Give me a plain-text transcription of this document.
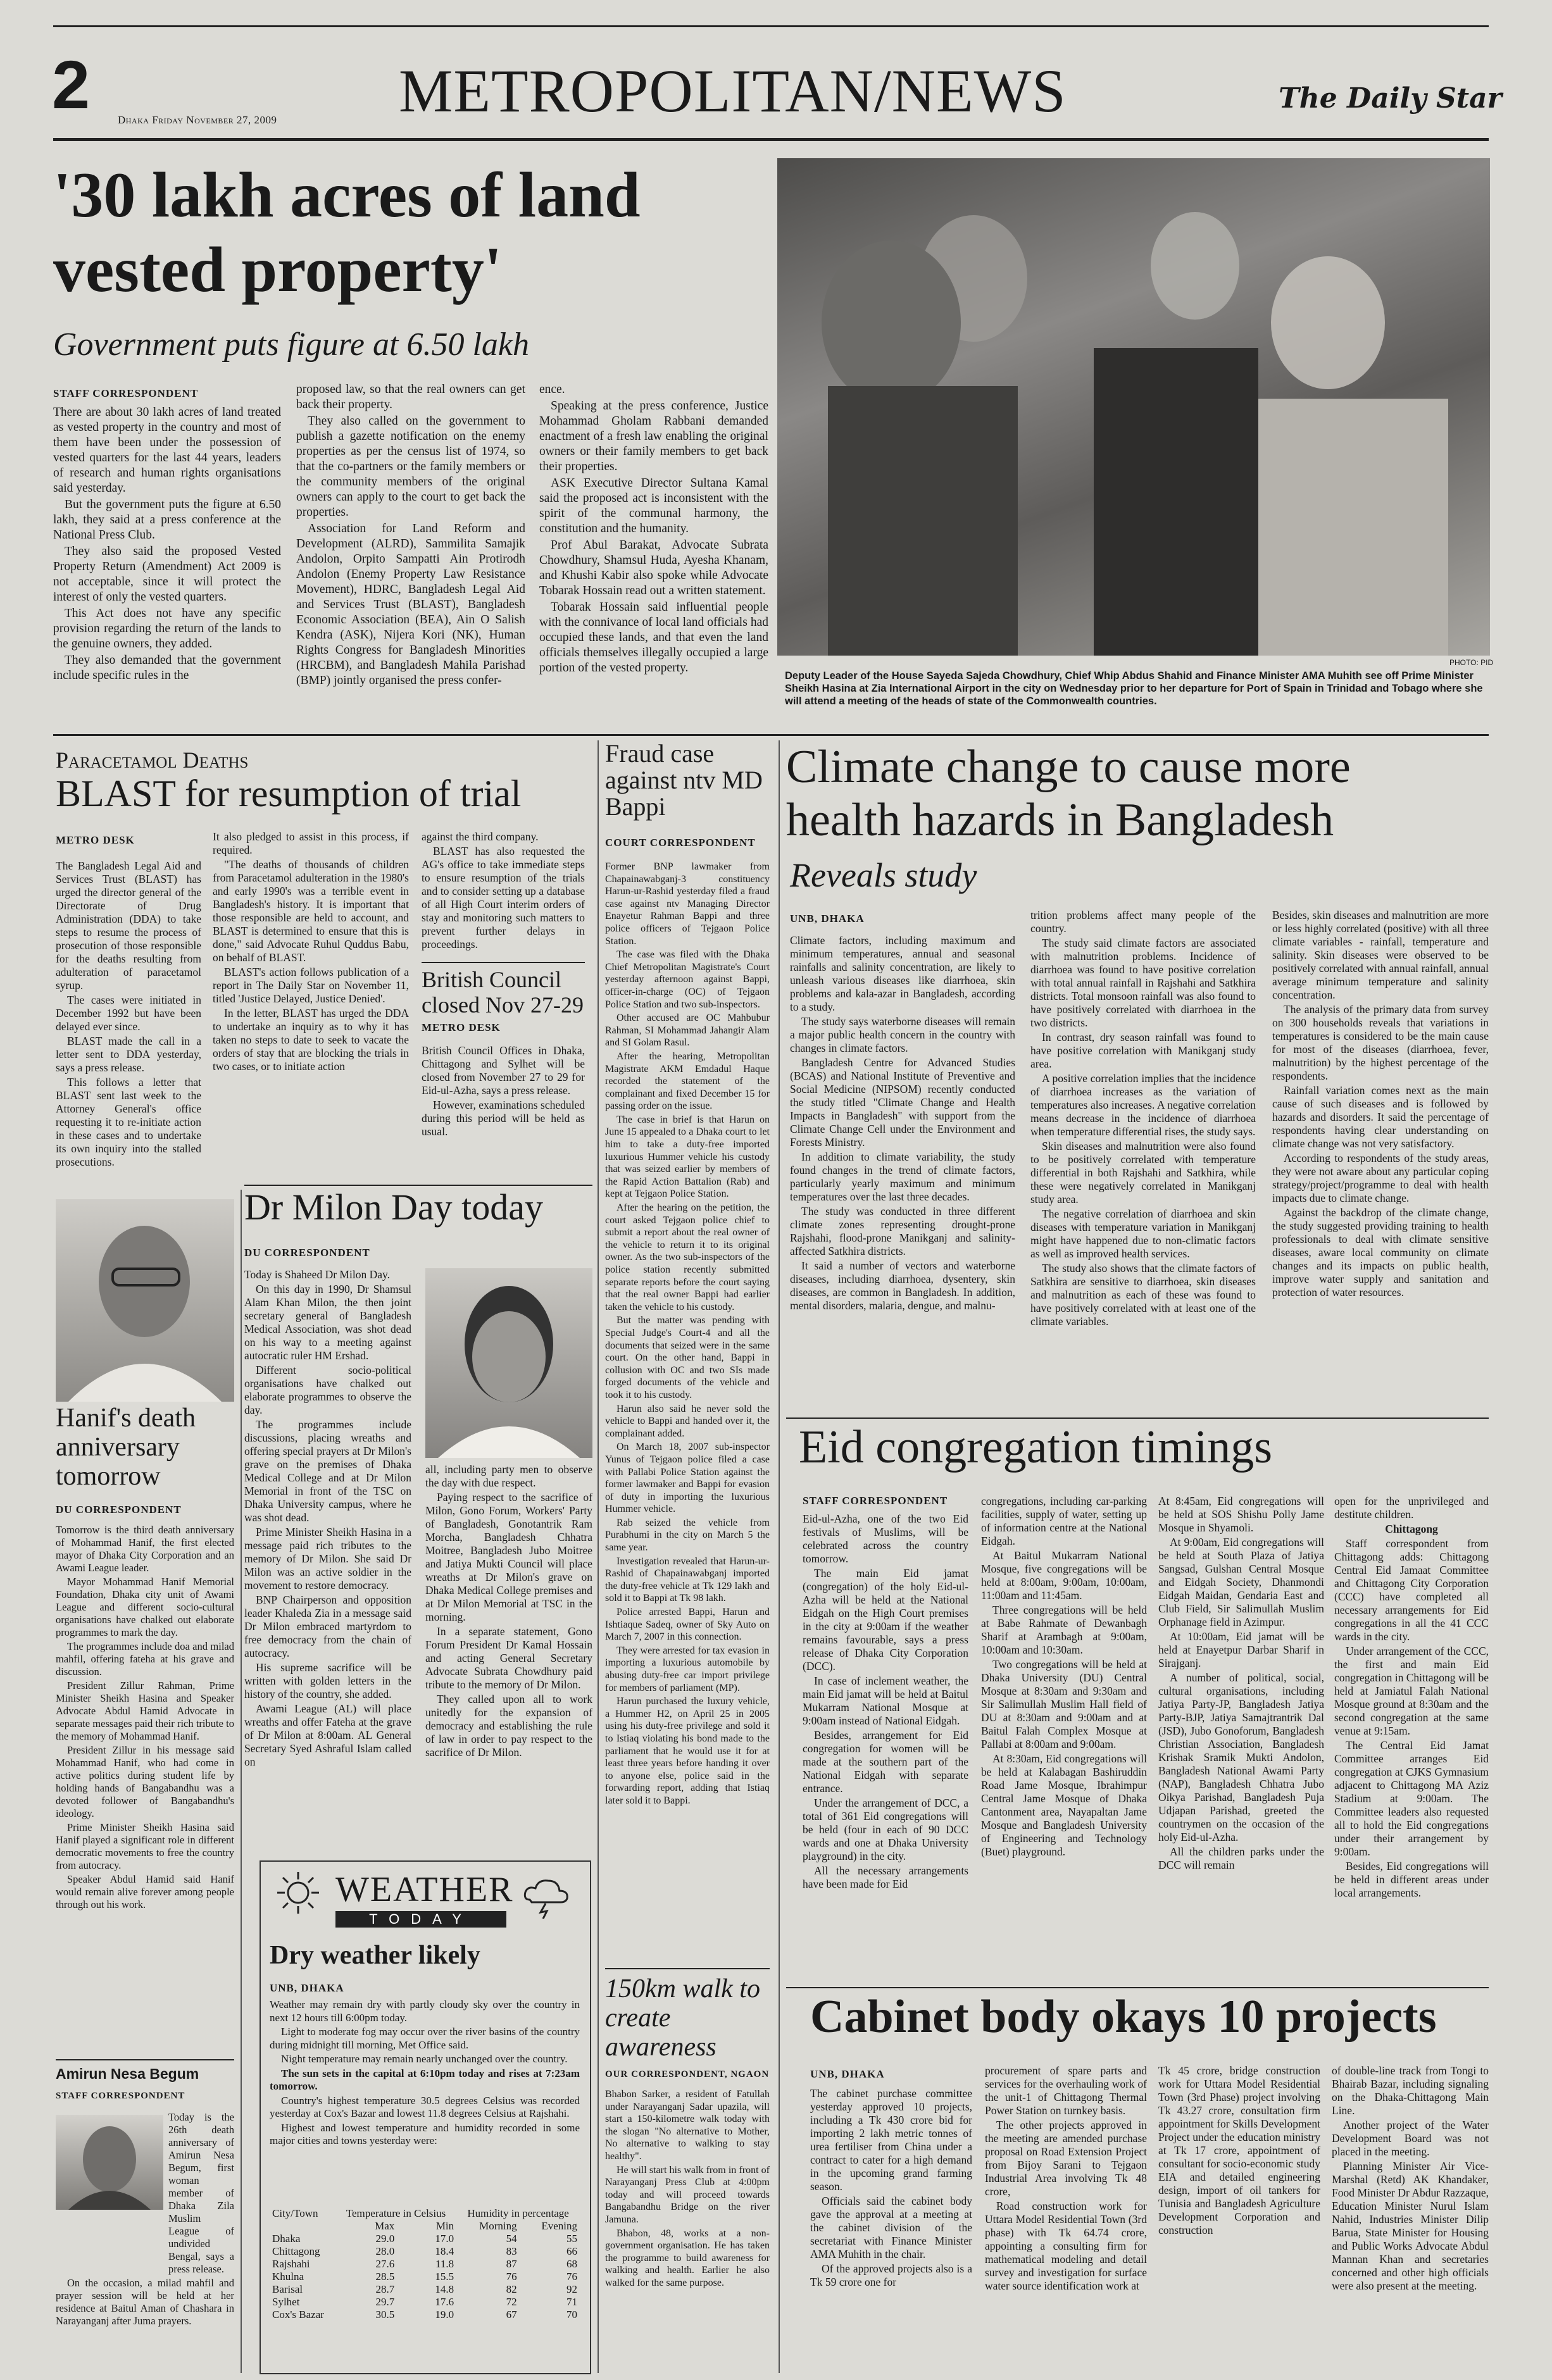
2	Dhaka Friday November 27, 2009 METROPOLITAN/NEWS	The Daily Star
'30 lakh acres of land
vested property'
Government puts figure at 6.50 lakh
STAFF CORRESPONDENT

There are about 30 lakh acres of land treated as vested property in the country and most of them have been under the possession of vested quarters for the last 44 years, leaders of research and human rights organisations said yesterday.

But the government puts the figure at 6.50 lakh, they said at a press conference at the National Press Club.

They also said the proposed Vested Property Return (Amendment) Act 2009 is not acceptable, since it will protect the interest of only the vested quarters.

This Act does not have any specific provision regarding the return of the lands to the genuine owners, they added.

They also demanded that the government include specific rules in the

proposed law, so that the real owners can get back their property.

They also called on the government to publish a gazette notification on the enemy properties as per the census list of 1974, so that the co-partners or the family members or the community members of the original owners can apply to the court to get back the properties.

Association for Land Reform and Development (ALRD), Sammilita Samajik Andolon, Orpito Sampatti Ain Protirodh Andolon (Enemy Property Law Resistance Movement), HDRC, Bangladesh Legal Aid and Services Trust (BLAST), Bangladesh Economic Association (BEA), Ain O Salish Kendra (ASK), Nijera Kori (NK), Human Rights Congress for Bangladesh Minorities (HRCBM), and Bangladesh Mahila Parishad (BMP) jointly organised the press confer-

ence.

Speaking at the press conference, Justice Mohammad Gholam Rabbani demanded enactment of a fresh law enabling the original owners or their family members to get back their properties.

ASK Executive Director Sultana Kamal said the proposed act is inconsistent with the spirit of the communal harmony, the constitution and the humanity.

Prof Abul Barakat, Advocate Subrata Chowdhury, Shamsul Huda, Ayesha Khanam, and Khushi Kabir also spoke while Advocate Tobarak Hossain read out a written statement.

Tobarak Hossain said influential people with the connivance of local land officials had occupied these lands, and that even the land officials themselves illegally occupied a large portion of the vested property.	PHOTO: PID
Deputy Leader of the House Sayeda Sajeda Chowdhury, Chief Whip Abdus Shahid and Finance Minister AMA Muhith see off Prime Minister Sheikh Hasina at Zia International Airport in the city on Wednesday prior to her departure for Port of Spain in Trinidad and Tobago where she will attend a meeting of the heads of state of the Commonwealth countries.
Paracetamol Deaths
BLAST for resumption of trial
METRO DESK

The Bangladesh Legal Aid and Services Trust (BLAST) has urged the director general of the Directorate of Drug Administration (DDA) to take steps to resume the process of prosecution of those responsible for the deaths resulting from adulteration of paracetamol syrup.

The cases were initiated in December 1992 but have been delayed ever since.

BLAST made the call in a letter sent to DDA yesterday, says a press release.

This follows a letter that BLAST sent last week to the Attorney General's office requesting it to re-initiate action in these cases and to undertake its own inquiry into the stalled prosecutions.

It also pledged to assist in this process, if required.

"The deaths of thousands of children from Paracetamol adulteration in the 1980's and early 1990's was a terrible event in Bangladesh's history. It is important that those responsible are held to account, and BLAST is determined to ensure that this is done," said Advocate Ruhul Quddus Babu, on behalf of BLAST.

BLAST's action follows publication of a report in The Daily Star on November 11, titled 'Justice Delayed, Justice Denied'.

In the letter, BLAST has urged the DDA to undertake an inquiry as to why it has taken no steps to date to seek to vacate the orders of stay that are blocking the trials in two cases, or to initiate action

against the third company.

BLAST has also requested the AG's office to take immediate steps to ensure resumption of the trials and to consider setting up a database of all High Court interim orders of stay and monitoring such matters to prevent further delays in proceedings.

British Council closed Nov 27-29
METRO DESK

British Council Offices in Dhaka, Chittagong and Sylhet will be closed from November 27 to 29 for Eid-ul-Azha, says a press release.

However, examinations scheduled during this period will be held as usual.

Fraud case against ntv MD Bappi
COURT CORRESPONDENT

Former BNP lawmaker from Chapainawabganj-3 constituency Harun-ur-Rashid yesterday filed a fraud case against ntv Managing Director Enayetur Rahman Bappi and three police officers of Tejgaon Police Station.

The case was filed with the Dhaka Chief Metropolitan Magistrate's Court yesterday afternoon against Bappi, officer-in-charge (OC) of Tejgaon Police Station and two sub-inspectors.

Other accused are OC Mahbubur Rahman, SI Mohammad Jahangir Alam and SI Golam Rasul.

After the hearing, Metropolitan Magistrate AKM Emdadul Haque recorded the statement of the complainant and fixed December 15 for passing order on the issue.

The case in brief is that Harun on June 15 appealed to a Dhaka court to let him to take a duty-free imported luxurious Hummer vehicle his custody that was seized earlier by members of the Rapid Action Battalion (Rab) and kept at Tejgaon Police Station.

After the hearing on the petition, the court asked Tejgaon police chief to submit a report about the real owner of the vehicle to return it to its original owner. As the two sub-inspectors of the police station recently submitted separate reports before the court saying that the real owner Bappi had earlier taken the vehicle to his custody.

But the matter was pending with Special Judge's Court-4 and all the documents that seized were in the same court. On the other hand, Bappi in collusion with OC and two SIs made forged documents of the vehicle and took it to his custody.

Harun also said he never sold the vehicle to Bappi and handed over it, the complainant added.

On March 18, 2007 sub-inspector Yunus of Tejgaon police filed a case with Pallabi Police Station against the former lawmaker and Bappi for evasion of duty in importing the luxurious Hummer vehicle.

Rab seized the vehicle from Purabhumi in the city on March 5 the same year.

Investigation revealed that Harun-ur-Rashid of Chapainawabganj imported the duty-free vehicle at Tk 129 lakh and sold it to Bappi at Tk 98 lakh.

Police arrested Bappi, Harun and Ishtiaque Sadeq, owner of Sky Auto on March 7, 2007 in this connection.

They were arrested for tax evasion in importing a luxurious automobile by abusing duty-free car import privilege for members of parliament (MP).

Harun purchased the luxury vehicle, a Hummer H2, on April 25 in 2005 using his duty-free privilege and sold it to Istiaq violating his bond made to the parliament that he would use it for at least three years before handing it over to anyone else, police said in the forwarding report, adding that Istiaq later sold it to Bappi.

150km walk to create awareness
OUR CORRESPONDENT, NGAON

Bhabon Sarker, a resident of Fatullah under Narayanganj Sadar upazila, will start a 150-kilometre walk today with the slogan "No alternative to Mother, No alternative to walking to stay healthy".

He will start his walk from in front of Narayanganj Press Club at 4:00pm today and will proceed towards Bangabandhu Bridge on the river Jamuna.

Bhabon, 48, works at a non-government organisation. He has taken the programme to build awareness for walking and health. Earlier he also walked for the same purpose.

Hanif's death anniversary tomorrow
DU CORRESPONDENT

Tomorrow is the third death anniversary of Mohammad Hanif, the first elected mayor of Dhaka City Corporation and an Awami League leader.

Mayor Mohammad Hanif Memorial Foundation, Dhaka city unit of Awami League and different socio-cultural organisations have chalked out elaborate programmes to mark the day.

The programmes include doa and milad mahfil, offering fateha at his grave and discussion.

President Zillur Rahman, Prime Minister Sheikh Hasina and Speaker Advocate Abdul Hamid Advocate in separate messages paid their rich tribute to the memory of Mohammad Hanif.

President Zillur in his message said Mohammad Hanif, who had come in active politics during student life by holding hands of Bangabandhu was a devoted follower of Bangabandhu's ideology.

Prime Minister Sheikh Hasina said Hanif played a significant role in different democratic movements to free the country from autocracy.

Speaker Abdul Hamid said Hanif would remain alive forever among people through out his work.

Amirun Nesa Begum
STAFF CORRESPONDENT

Today is the 26th death anniversary of Amirun Nesa Begum, first woman member of Dhaka Zila Muslim League of undivided Bengal, says a press release.

On the occasion, a milad mahfil and prayer session will be held at her residence at Baitul Aman of Chashara in Narayanganj after Juma prayers.

Dr Milon Day today
DU CORRESPONDENT

Today is Shaheed Dr Milon Day.

On this day in 1990, Dr Shamsul Alam Khan Milon, the then joint secretary general of Bangladesh Medical Association, was shot dead on his way to a meeting against autocratic ruler HM Ershad.

Different socio-political organisations have chalked out elaborate programmes to observe the day.

The programmes include discussions, placing wreaths and offering special prayers at Dr Milon's grave on the premises of Dhaka Medical College and at Dr Milon Memorial in front of the TSC on Dhaka University campus, where he was shot dead.

Prime Minister Sheikh Hasina in a message paid rich tributes to the memory of Dr Milon. She said Dr Milon was an active soldier in the movement to restore democracy.

BNP Chairperson and opposition leader Khaleda Zia in a message said Dr Milon embraced martyrdom to free democracy from the chain of autocracy.

His supreme sacrifice will be written with golden letters in the history of the country, she added.

Awami League (AL) will place wreaths and offer Fateha at the grave of Dr Milon at 8:00am. AL General Secretary Syed Ashraful Islam called on

all, including party men to observe the day with due respect.

Paying respect to the sacrifice of Milon, Gono Forum, Workers' Party of Bangladesh, Gonotantrik Ram Morcha, Bangladesh Chhatra Moitree, Bangladesh Jubo Moitree and Jatiya Mukti Council will place wreaths at Dr Milon's grave on Dhaka Medical College premises and at Dr Milon Memorial at TSC in the morning.

In a separate statement, Gono Forum President Dr Kamal Hossain and acting General Secretary Advocate Subrata Chowdhury paid tribute to the memory of Dr Milon.

They called upon all to work unitedly for the expansion of democracy and establishing the rule of law in order to pay respect to the sacrifice of Dr Milon.

WEATHER
TODAY
Dry weather likely
UNB, DHAKA

Weather may remain dry with partly cloudy sky over the country in next 12 hours till 6:00pm today.

Light to moderate fog may occur over the river basins of the country during midnight till morning, Met Office said.

Night temperature may remain nearly unchanged over the country.

The sun sets in the capital at 6:10pm today and rises at 7:23am tomorrow.

Country's highest temperature 30.5 degrees Celsius was recorded yesterday at Cox's Bazar and lowest 11.8 degrees Celsius at Rajshahi.

Highest and lowest temperature and humidity recorded in some major cities and towns yesterday were:

City/Town	Temperature in Celsius		Humidity in percentage	
	Max	Min	Morning	Evening
Dhaka	29.0	17.0	54	55
Chittagong	28.0	18.4	83	66
Rajshahi	27.6	11.8	87	68
Khulna	28.5	15.5	76	76
Barisal	28.7	14.8	82	92
Sylhet	29.7	17.6	72	71
Cox's Bazar	30.5	19.0	67	70
Climate change to cause more
health hazards in Bangladesh
Reveals study
UNB, DHAKA

Climate factors, including maximum and minimum temperatures, annual and seasonal rainfalls and salinity concentration, are likely to unleash various diseases like diarrhoea, skin problems and kala-azar in Bangladesh, according to a study.

The study says waterborne diseases will remain a major public health concern in the country with changes in climate factors.

Bangladesh Centre for Advanced Studies (BCAS) and National Institute of Preventive and Social Medicine (NIPSOM) recently conducted the study titled "Climate Change and Health Impacts in Bangladesh" with support from the Climate Change Cell under the Environment and Forests Ministry.

In addition to climate variability, the study found changes in the trend of climate factors, particularly yearly maximum and minimum temperatures over the last three decades.

The study was conducted in three different climate zones representing drought-prone Rajshahi, flood-prone Manikganj and salinity-affected Satkhira districts.

It said a number of vectors and waterborne diseases, including diarrhoea, dysentery, skin diseases, are common in Bangladesh. In addition, mental disorders, malaria, dengue, and malnu-

trition problems affect many people of the country.

The study said climate factors are associated with malnutrition problems. Incidence of diarrhoea was found to have positive correlation with total annual rainfall in Rajshahi and Satkhira districts. Total monsoon rainfall was also found to have positively correlated with diarrhoea in the two districts.

In contrast, dry season rainfall was found to have positive correlation with Manikganj study area.

A positive correlation implies that the incidence of diarrhoea increases as the variation of temperatures also increases. A negative correlation means decrease in the incidence of diarrhoea when temperature differential rises, the study says.

Skin diseases and malnutrition were also found to be positively correlated with temperature differential in both Rajshahi and Satkhira, while these were negatively correlated in Manikganj study area.

The negative correlation of diarrhoea and skin diseases with temperature variation in Manikganj might have happened due to non-climatic factors as well as improved health services.

The study also shows that the climate factors of Satkhira are sensitive to diarrhoea, skin diseases and malnutrition as each of these was found to have positively correlated with at least one of the climate variables.

Besides, skin diseases and malnutrition are more or less highly correlated (positive) with all three climate variables - rainfall, temperature and salinity. Skin diseases were observed to be positively correlated with annual rainfall, annual average minimum temperature and salinity concentration.

The analysis of the primary data from survey on 300 households reveals that variations in temperatures is considered to be the main cause for most of the diseases (diarrhoea, fever, malnutrition) by the highest percentage of the respondents.

Rainfall variation comes next as the main cause of such diseases and is followed by hazards and disorders. It said the percentage of respondents having clear understanding on climate change was not very satisfactory.

According to respondents of the study areas, they were not aware about any particular coping strategy/project/programme to deal with health impacts due to climate change.

Against the backdrop of the climate change, the study suggested providing training to health professionals to deal with climate sensitive diseases, aware local community on climate changes and its impacts on public health, improve water supply and sanitation and protection of water resources.

Eid congregation timings
STAFF CORRESPONDENT

Eid-ul-Azha, one of the two Eid festivals of Muslims, will be celebrated across the country tomorrow.

The main Eid jamat (congregation) of the holy Eid-ul-Azha will be held at the National Eidgah on the High Court premises in the city at 9:00am if the weather remains favourable, says a press release of Dhaka City Corporation (DCC).

In case of inclement weather, the main Eid jamat will be held at Baitul Mukarram National Mosque at 9:00am instead of National Eidgah.

Besides, arrangement for Eid congregation for women will be made at the southern part of the National Eidgah with separate entrance.

Under the arrangement of DCC, a total of 361 Eid congregations will be held (four in each of 90 DCC wards and one at Dhaka University playground) in the city.

All the necessary arrangements have been made for Eid

congregations, including car-parking facilities, supply of water, setting up of information centre at the National Eidgah.

At Baitul Mukarram National Mosque, five congregations will be held at 8:00am, 9:00am, 10:00am, 11:00am and 11:45am.

Three congregations will be held at Babe Rahmate of Dewanbagh Sharif at Arambagh at 9:00am, 10:00am and 10:30am.

Two congregations will be held at Dhaka University (DU) Central Mosque at 8:30am and 9:30am and Sir Salimullah Muslim Hall field of DU at 8:30am and 9:00am and at Baitul Falah Complex Mosque at Pallabi at 8:00am and 9:00am.

At 8:30am, Eid congregations will be held at Kalabagan Bashiruddin Road Jame Mosque, Ibrahimpur Central Jame Mosque of Dhaka Cantonment area, Nayapaltan Jame Mosque and Bangladesh University of Engineering and Technology (Buet) playground.

At 8:45am, Eid congregations will be held at SOS Shishu Polly Jame Mosque in Shyamoli.

At 9:00am, Eid congregations will be held at South Plaza of Jatiya Sangsad, Gulshan Central Mosque and Eidgah Society, Dhanmondi Eidgah Maidan, Gendaria East and Club Field, Sir Salimullah Muslim Orphanage field in Azimpur.

At 10:00am, Eid jamat will be held at Enayetpur Darbar Sharif in Sirajganj.

A number of political, social, cultural organisations, including Jatiya Party-JP, Bangladesh Jatiya Party-BJP, Jatiya Samajtrantrik Dal (JSD), Jubo Gonoforum, Bangladesh Christian Association, Bangladesh Krishak Sramik Mukti Andolon, Bangladesh National Awami Party (NAP), Bangladesh Chhatra Jubo Oikya Parishad, Bangladesh Puja Udjapan Parishad, greeted the countrymen on the occasion of the holy Eid-ul-Azha.

All the children parks under the DCC will remain

open for the unprivileged and destitute children.

Chittagong

Staff correspondent from Chittagong adds: Chittagong Central Eid Jamaat Committee and Chittagong City Corporation (CCC) have completed all necessary arrangements for Eid congregations in all the 41 CCC wards in the city.

Under arrangement of the CCC, the first and main Eid congregation in Chittagong will be held at Jamiatul Falah National Mosque ground at 8:30am and the second congregation at the same venue at 9:15am.

The Central Eid Jamat Committee arranges Eid congregation at CJKS Gymnasium adjacent to Chittagong MA Aziz Stadium at 9:00am. The Committee leaders also requested all to hold the Eid congregations under their arrangement by 9:00am.

Besides, Eid congregations will be held in different areas under local arrangements.

Cabinet body okays 10 projects
UNB, DHAKA

The cabinet purchase committee yesterday approved 10 projects, including a Tk 430 crore bid for importing 2 lakh metric tonnes of urea fertiliser from China under a contract to cater for a high demand in the upcoming grand farming season.

Officials said the cabinet body gave the approval at a meeting at the cabinet division of the secretariat with Finance Minister AMA Muhith in the chair.

Of the approved projects also is a Tk 59 crore one for

procurement of spare parts and services for the overhauling work of the unit-1 of Chittagong Thermal Power Station on turnkey basis.

The other projects approved in the meeting are amended purchase proposal on Road Extension Project from Bijoy Sarani to Tejgaon Industrial Area involving Tk 48 crore,

Road construction work for Uttara Model Residential Town (3rd phase) with Tk 64.74 crore, appointing a consulting firm for mathematical modeling and detail survey and investigation for surface water source identification work at

Tk 45 crore, bridge construction work for Uttara Model Residential Town (3rd Phase) project involving Tk 43.27 crore, consultation firm appointment for Skills Development Project under the education ministry at Tk 17 crore, appointment of consultant for socio-economic study EIA and detailed engineering design, import of oil tankers for Tunisia and Bangladesh Agriculture Development Corporation and construction

of double-line track from Tongi to Bhairab Bazar, including signaling on the Dhaka-Chittagong Main Line.

Another project of the Water Development Board was not placed in the meeting.

Planning Minister Air Vice-Marshal (Retd) AK Khandaker, Food Minister Dr Abdur Razzaque, Education Minister Nurul Islam Nahid, Industries Minister Dilip Barua, State Minister for Housing and Public Works Advocate Abdul Mannan Khan and secretaries concerned and other high officials were also present at the meeting.
